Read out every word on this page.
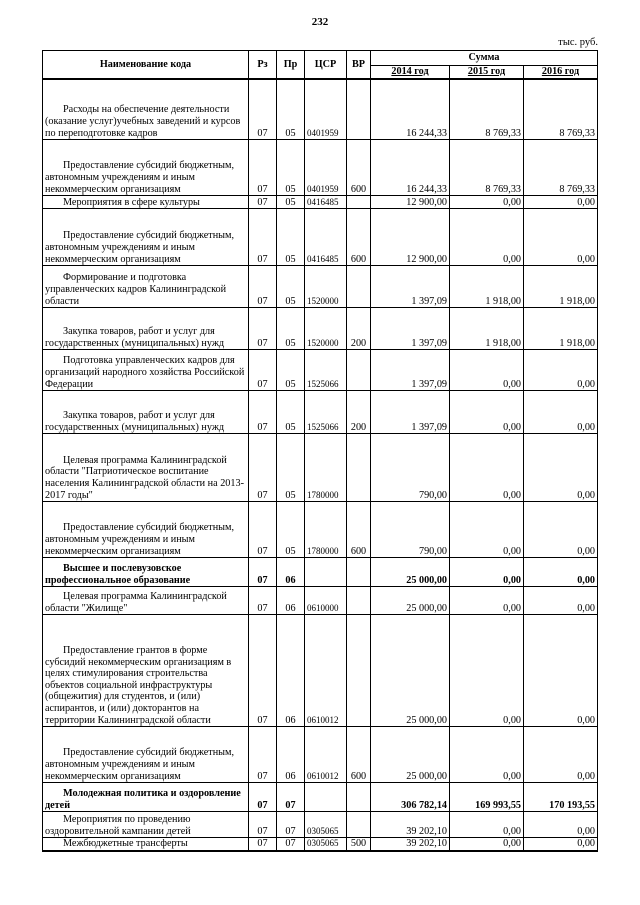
232
тыс. руб.
Наименование кода	Рз	Пр	ЦСР	ВР	Сумма		
					2014 год	2015 год	2016 год

Расходы на обеспечение деятельности (оказание услуг)учебных заведений и курсов по переподготовке кадров	07	05	0401959		16 244,33	8 769,33	8 769,33

Предоставление субсидий бюджетным, автономным учреждениям и иным некоммерческим организациям	07	05	0401959	600	16 244,33	8 769,33	8 769,33

Мероприятия в сфере культуры	07	05	0416485		12 900,00	0,00	0,00

Предоставление субсидий бюджетным, автономным учреждениям и иным некоммерческим организациям	07	05	0416485	600	12 900,00	0,00	0,00

Формирование и подготовка управленческих кадров Калининградской области	07	05	1520000		1 397,09	1 918,00	1 918,00

Закупка товаров, работ и услуг для государственных (муниципальных) нужд	07	05	1520000	200	1 397,09	1 918,00	1 918,00

Подготовка управленческих кадров для организаций народного хозяйства Российской Федерации	07	05	1525066		1 397,09	0,00	0,00

Закупка товаров, работ и услуг для государственных (муниципальных) нужд	07	05	1525066	200	1 397,09	0,00	0,00

Целевая программа Калининградской области "Патриотическое воспитание населения Калининградской области на 2013-2017 годы"	07	05	1780000		790,00	0,00	0,00

Предоставление субсидий бюджетным, автономным учреждениям и иным некоммерческим организациям	07	05	1780000	600	790,00	0,00	0,00

Высшее и послевузовское профессиональное образование	07	06			25 000,00	0,00	0,00

Целевая программа Калининградской области "Жилище"	07	06	0610000		25 000,00	0,00	0,00

Предоставление грантов в форме субсидий некоммерческим организациям в целях стимулирования строительства объектов социальной инфраструктуры (общежития) для студентов, и (или) аспирантов, и (или) докторантов на территории Калининградской области	07	06	0610012		25 000,00	0,00	0,00

Предоставление субсидий бюджетным, автономным учреждениям и иным некоммерческим организациям	07	06	0610012	600	25 000,00	0,00	0,00

Молодежная политика и оздоровление детей	07	07			306 782,14	169 993,55	170 193,55

Мероприятия по проведению оздоровительной кампании детей	07	07	0305065		39 202,10	0,00	0,00

Межбюджетные трансферты	07	07	0305065	500	39 202,10	0,00	0,00
